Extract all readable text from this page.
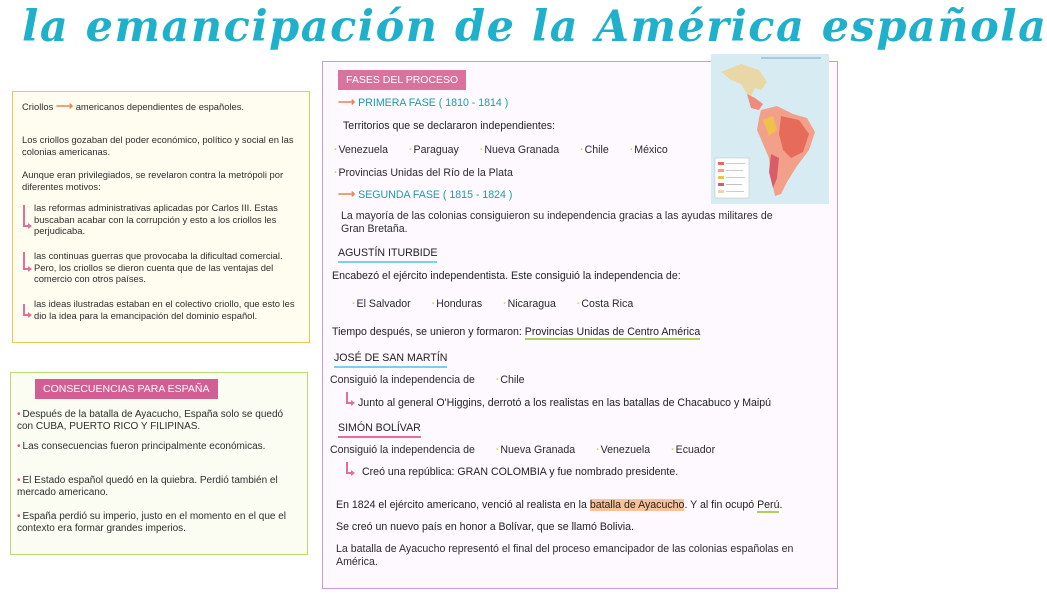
la emancipación de la América española
Criollos ⟶ americanos dependientes de españoles.
Los criollos gozaban del poder económico, político y social en las colonias americanas.
Aunque eran privilegiados, se revelaron contra la metrópoli por diferentes motivos:
las reformas administrativas aplicadas por Carlos III. Estas buscaban acabar con la corrupción y esto a los criollos les perjudicaba.
las continuas guerras que provocaba la dificultad comercial. Pero, los criollos se dieron cuenta que de las ventajas del comercio con otros países.
las ideas ilustradas estaban en el colectivo criollo, que esto les dio la idea para la emancipación del dominio español.
CONSECUENCIAS PARA ESPAÑA
• Después de la batalla de Ayacucho, España solo se quedó con CUBA, PUERTO RICO Y FILIPINAS.
• Las consecuencias fueron principalmente económicas.
• El Estado español quedó en la quiebra. Perdió también el mercado americano.
• España perdió su imperio, justo en el momento en el que el contexto era formar grandes imperios.
FASES DEL PROCESO
⟶ PRIMERA FASE ( 1810 - 1814 )
Territorios que se declararon independientes:
·Venezuela ·Paraguay ·Nueva Granada ·Chile ·México
·Provincias Unidas del Río de la Plata
⟶ SEGUNDA FASE ( 1815 - 1824 )
La mayoría de las colonias consiguieron su independencia gracias a las ayudas militares de Gran Bretaña.
AGUSTÍN ITURBIDE
Encabezó el ejército independentista. Este consiguió la independencia de:
·El Salvador ·Honduras ·Nicaragua ·Costa Rica
Tiempo después, se unieron y formaron: Provincias Unidas de Centro América
JOSÉ DE SAN MARTÍN
Consiguió la independencia de ·Chile
Junto al general O'Higgins, derrotó a los realistas en las batallas de Chacabuco y Maipú
SIMÓN BOLÍVAR
Consiguió la independencia de ·Nueva Granada ·Venezuela ·Ecuador
Creó una república: GRAN COLOMBIA y fue nombrado presidente.
En 1824 el ejército americano, venció al realista en la batalla de Ayacucho. Y al fin ocupó Perú.
Se creó un nuevo país en honor a Bolívar, que se llamó Bolivia.
La batalla de Ayacucho representó el final del proceso emancipador de las colonias españolas en América.
